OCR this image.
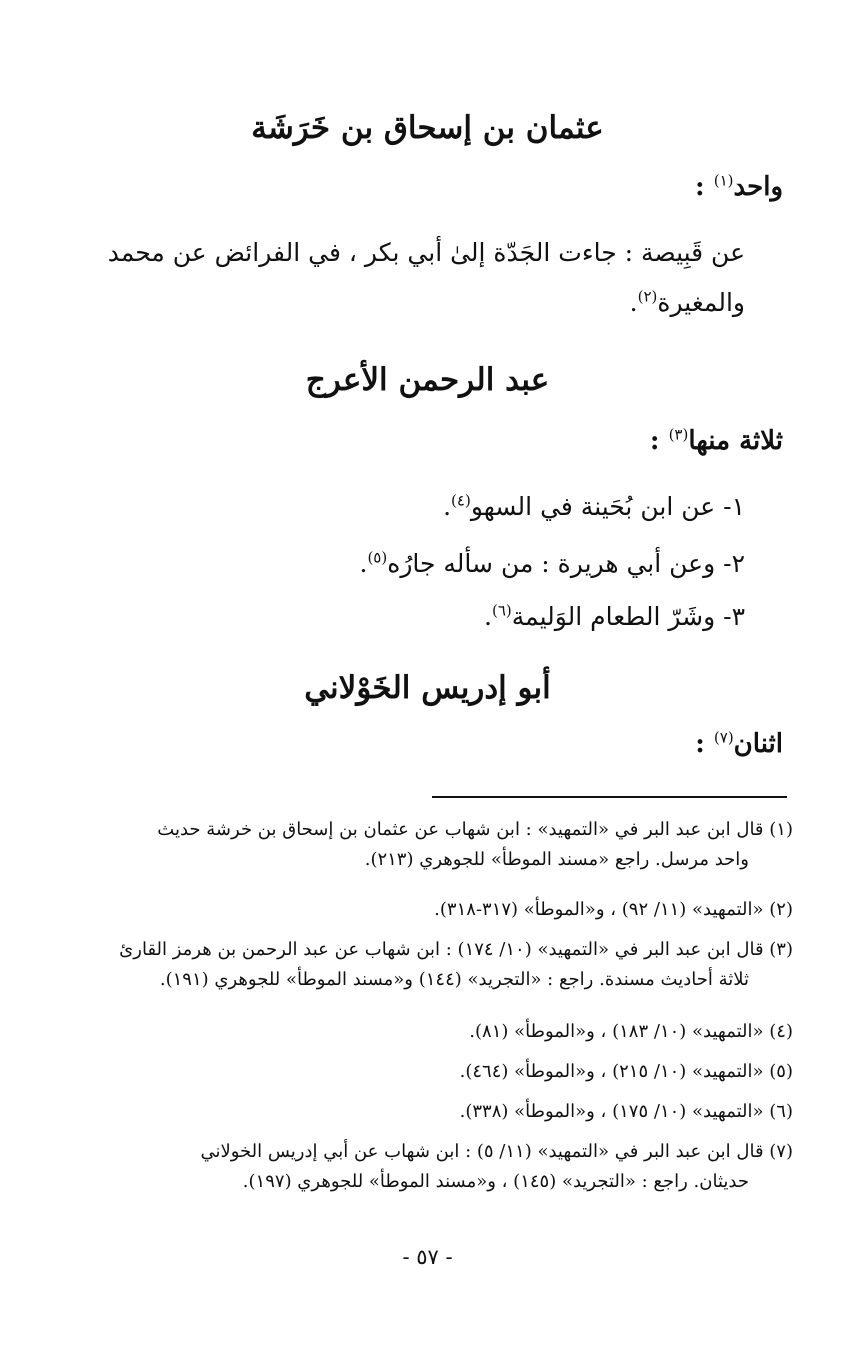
عثمان بن إسحاق بن خَرَشَة
واحد$^{(١)}$ :
عن قَبِيصة : جاءت الجَدّة إلىٰ أبي بكر ، في الفرائض عن محمد
والمغيرة$^{(٢)}$.
عبد الرحمن الأعرج
ثلاثة منها$^{(٣)}$ :
١- عن ابن بُحَينة في السهو$^{(٤)}$.
٢- وعن أبي هريرة : من سأله جارُه$^{(٥)}$.
٣- وشَرّ الطعام الوَليمة$^{(٦)}$.
أبو إدريس الخَوْلاني
اثنان$^{(٧)}$ :
(١) قال ابن عبد البر في «التمهيد» : ابن شهاب عن عثمان بن إسحاق بن خرشة حديث
واحد مرسل. راجع «مسند الموطأ» للجوهري (٢١٣).
(٢) «التمهيد» (١١/ ٩٢) ، و«الموطأ» (٣١٧-٣١٨).
(٣) قال ابن عبد البر في «التمهيد» (١٠/ ١٧٤) : ابن شهاب عن عبد الرحمن بن هرمز القارئ
ثلاثة أحاديث مسندة. راجع : «التجريد» (١٤٤) و«مسند الموطأ» للجوهري (١٩١).
(٤) «التمهيد» (١٠/ ١٨٣) ، و«الموطأ» (٨١).
(٥) «التمهيد» (١٠/ ٢١٥) ، و«الموطأ» (٤٦٤).
(٦) «التمهيد» (١٠/ ١٧٥) ، و«الموطأ» (٣٣٨).
(٧) قال ابن عبد البر في «التمهيد» (١١/ ٥) : ابن شهاب عن أبي إدريس الخولاني
حديثان. راجع : «التجريد» (١٤٥) ، و«مسند الموطأ» للجوهري (١٩٧).
- ٥٧ -
